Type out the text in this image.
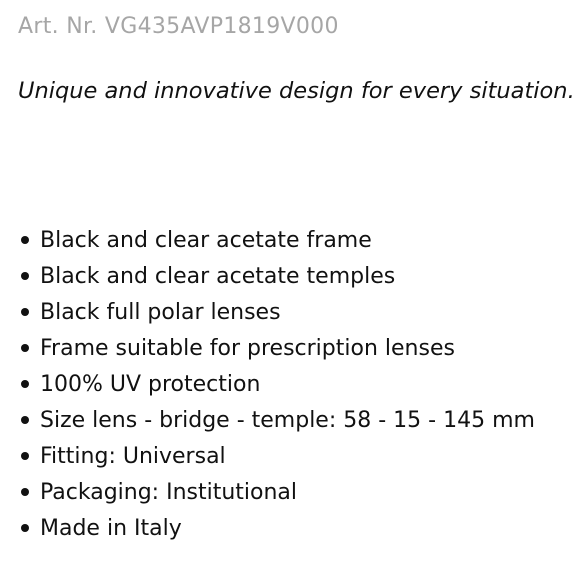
Art. Nr. VG435AVP1819V000
Unique and innovative design for every situation.
Black and clear acetate frame
Black and clear acetate temples
Black full polar lenses
Frame suitable for prescription lenses
100% UV protection
Size lens - bridge - temple: 58 - 15 - 145 mm
Fitting: Universal
Packaging: Institutional
Made in Italy
